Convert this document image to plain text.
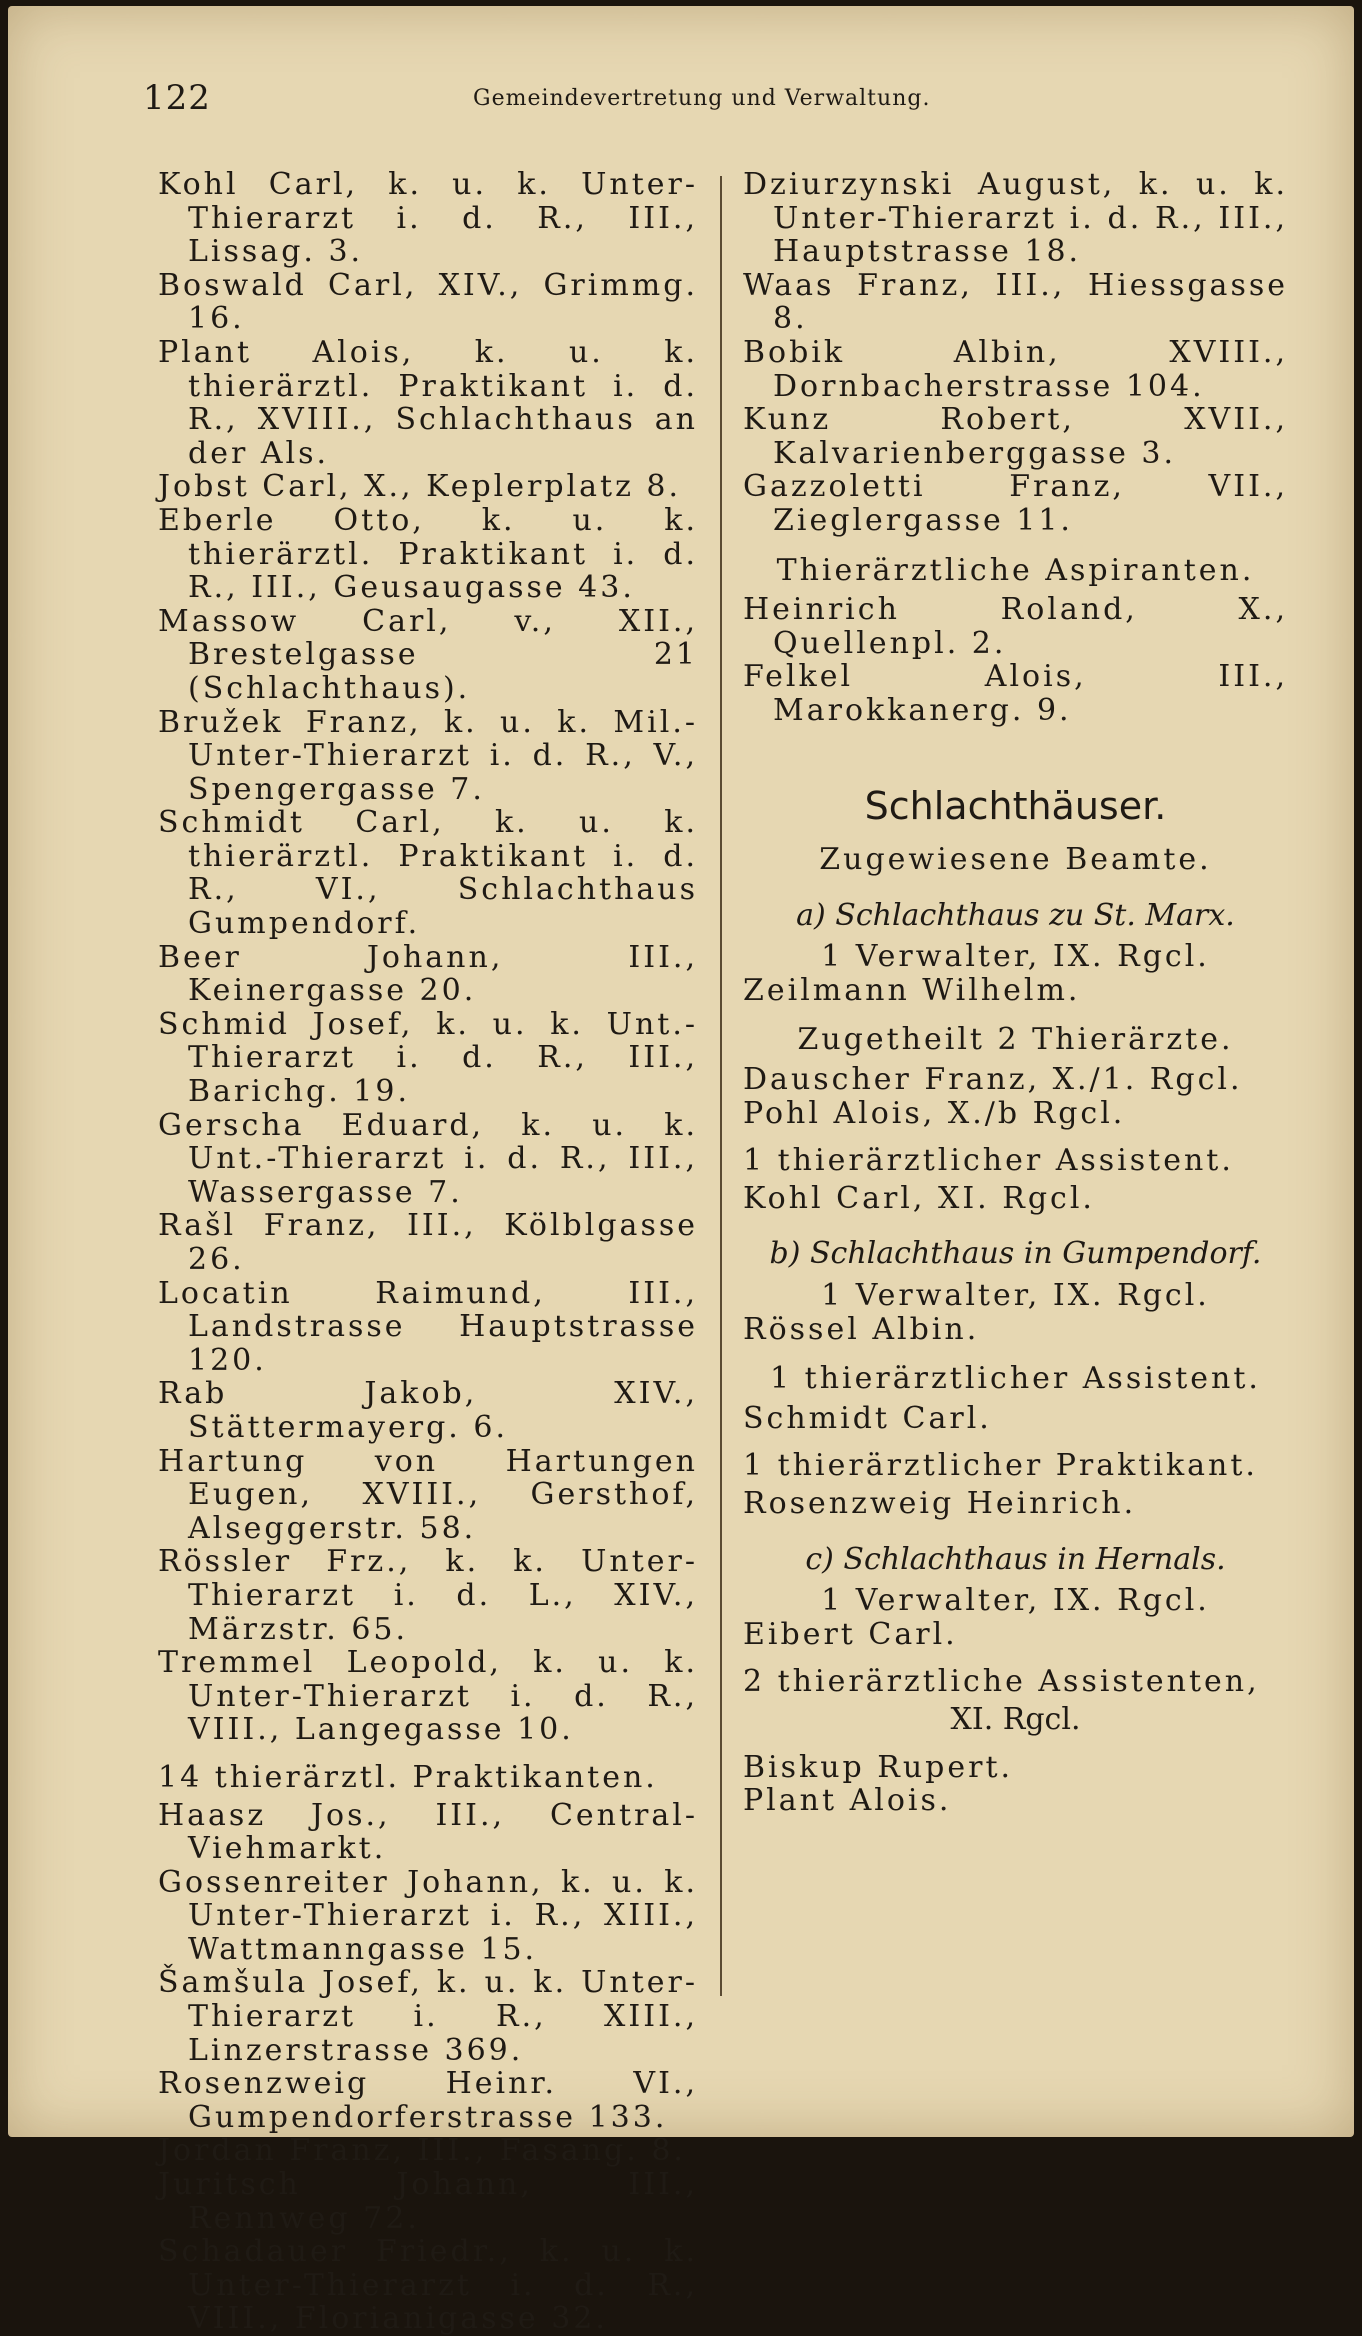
122	Gemeindevertretung und Verwaltung.

Kohl Carl, k. u. k. Unter-Thierarzt i. d. R., III., Lissag. 3.

Boswald Carl, XIV., Grimmg. 16.

Plant Alois, k. u. k. thierärztl. Praktikant i. d. R., XVIII., Schlachthaus an der Als.

Jobst Carl, X., Keplerplatz 8.

Eberle Otto, k. u. k. thierärztl. Praktikant i. d. R., III., Geusaugasse 43.

Massow Carl, v., XII., Brestelgasse 21 (Schlachthaus).

Bružek Franz, k. u. k. Mil.-Unter-Thierarzt i. d. R., V., Spengergasse 7.

Schmidt Carl, k. u. k. thierärztl. Praktikant i. d. R., VI., Schlachthaus Gumpendorf.

Beer Johann, III., Keinergasse 20.

Schmid Josef, k. u. k. Unt.-Thierarzt i. d. R., III., Barichg. 19.

Gerscha Eduard, k. u. k. Unt.-Thierarzt i. d. R., III., Wassergasse 7.

Rašl Franz, III., Kölblgasse 26.

Locatin Raimund, III., Landstrasse Hauptstrasse 120.

Rab Jakob, XIV., Stättermayerg. 6.

Hartung von Hartungen Eugen, XVIII., Gersthof, Alseggerstr. 58.

Rössler Frz., k. k. Unter-Thierarzt i. d. L., XIV., Märzstr. 65.

Tremmel Leopold, k. u. k. Unter-Thierarzt i. d. R., VIII., Langegasse 10.

14 thierärztl. Praktikanten.

Haasz Jos., III., Central-Viehmarkt.

Gossenreiter Johann, k. u. k. Unter-Thierarzt i. R., XIII., Wattmanngasse 15.

Šamšula Josef, k. u. k. Unter-Thierarzt i. R., XIII., Linzerstrasse 369.

Rosenzweig Heinr. VI., Gumpendorferstrasse 133.

Jordan Franz, III., Fasang. 8.

Juritsch Johann, III., Rennweg 72.

Schadauer Friedr., k. u. k. Unter-Thierarzt i. d. R., VIII., Florianigasse 32.

Dziurzynski August, k. u. k. Unter-Thierarzt i. d. R., III., Hauptstrasse 18.

Waas Franz, III., Hiessgasse 8.

Bobik Albin, XVIII., Dornbacherstrasse 104.

Kunz Robert, XVII., Kalvarienberggasse 3.

Gazzoletti Franz, VII., Zieglergasse 11.

Thierärztliche Aspiranten.

Heinrich Roland, X., Quellenpl. 2.

Felkel Alois, III., Marokkanerg. 9.

Schlachthäuser.

Zugewiesene Beamte.

a) Schlachthaus zu St. Marx.

1 Verwalter, IX. Rgcl.

Zeilmann Wilhelm.

Zugetheilt 2 Thierärzte.

Dauscher Franz, X./1. Rgcl.

Pohl Alois, X./b Rgcl.

1 thierärztlicher Assistent.

Kohl Carl, XI. Rgcl.

b) Schlachthaus in Gumpendorf.

1 Verwalter, IX. Rgcl.

Rössel Albin.

1 thierärztlicher Assistent.

Schmidt Carl.

1 thierärztlicher Praktikant.

Rosenzweig Heinrich.

c) Schlachthaus in Hernals.

1 Verwalter, IX. Rgcl.

Eibert Carl.

2 thierärztliche Assistenten,

XI. Rgcl.

Biskup Rupert.

Plant Alois.
